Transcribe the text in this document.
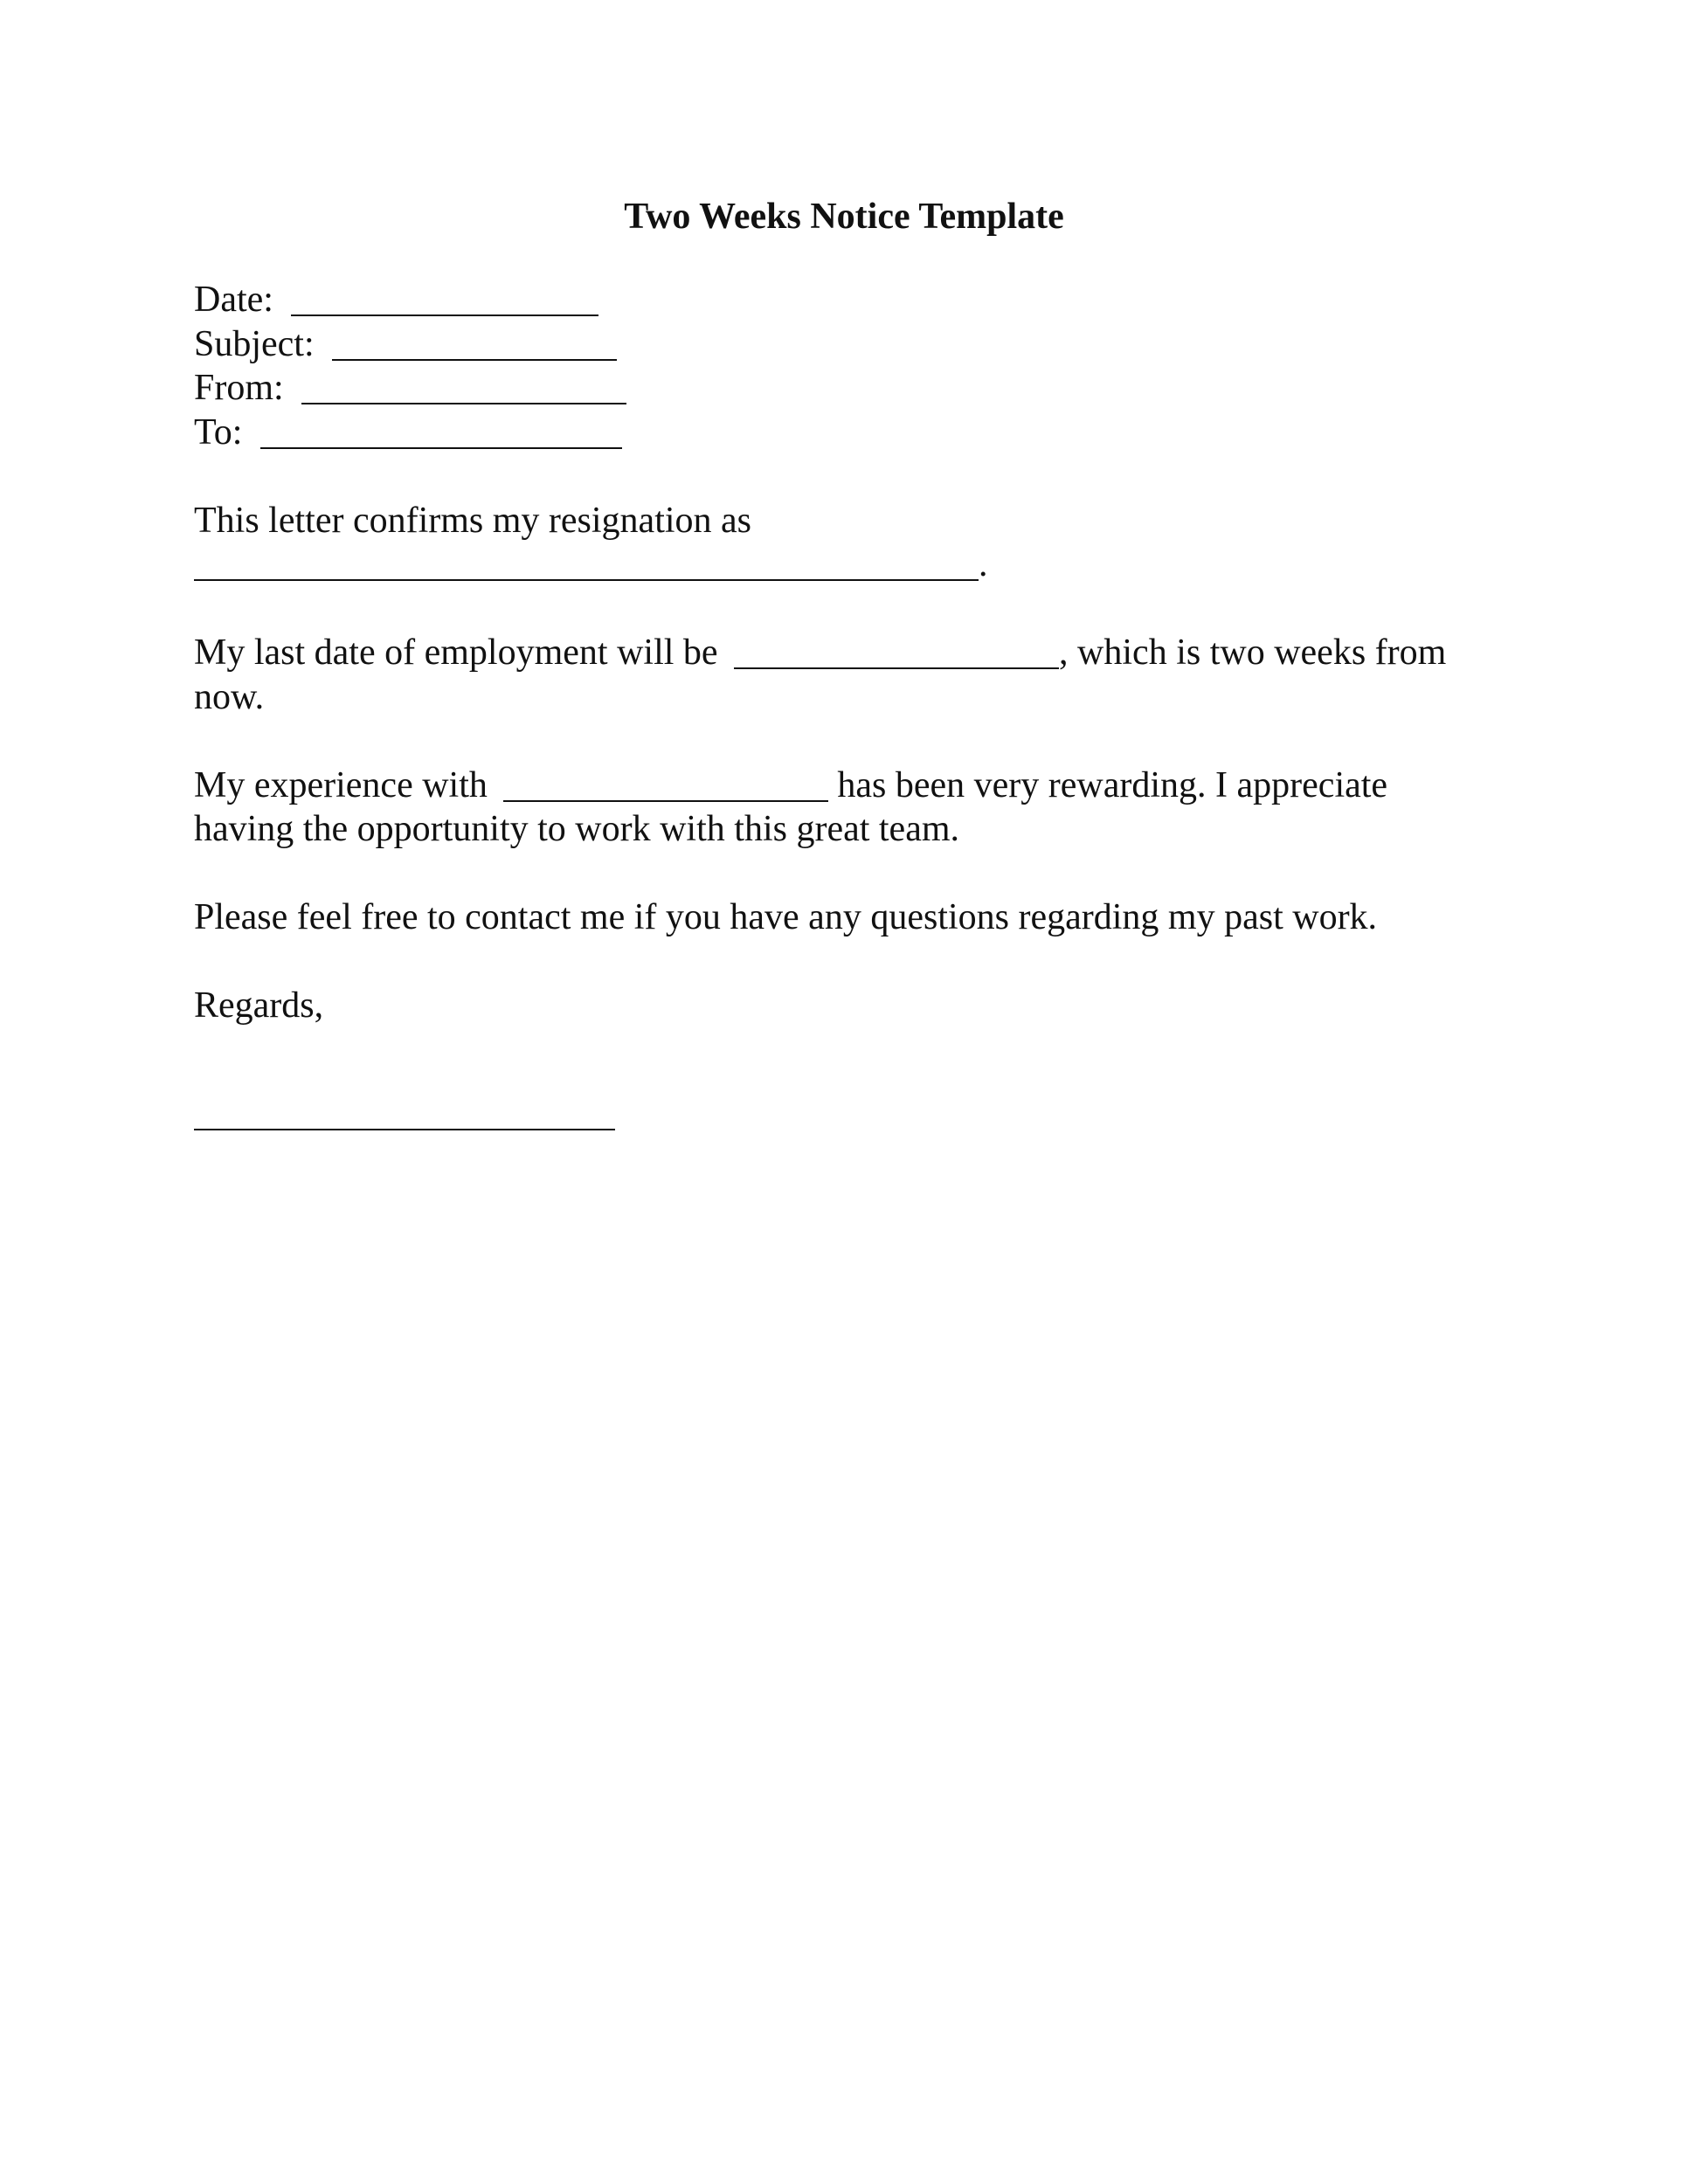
Two Weeks Notice Template
Date:
Subject:
From:
To:
This letter confirms my resignation as
.
My last date of employment will be	, which is two weeks from
now.
My experience with	has been very rewarding. I appreciate
having the opportunity to work with this great team.
Please feel free to contact me if you have any questions regarding my past work.
Regards,
